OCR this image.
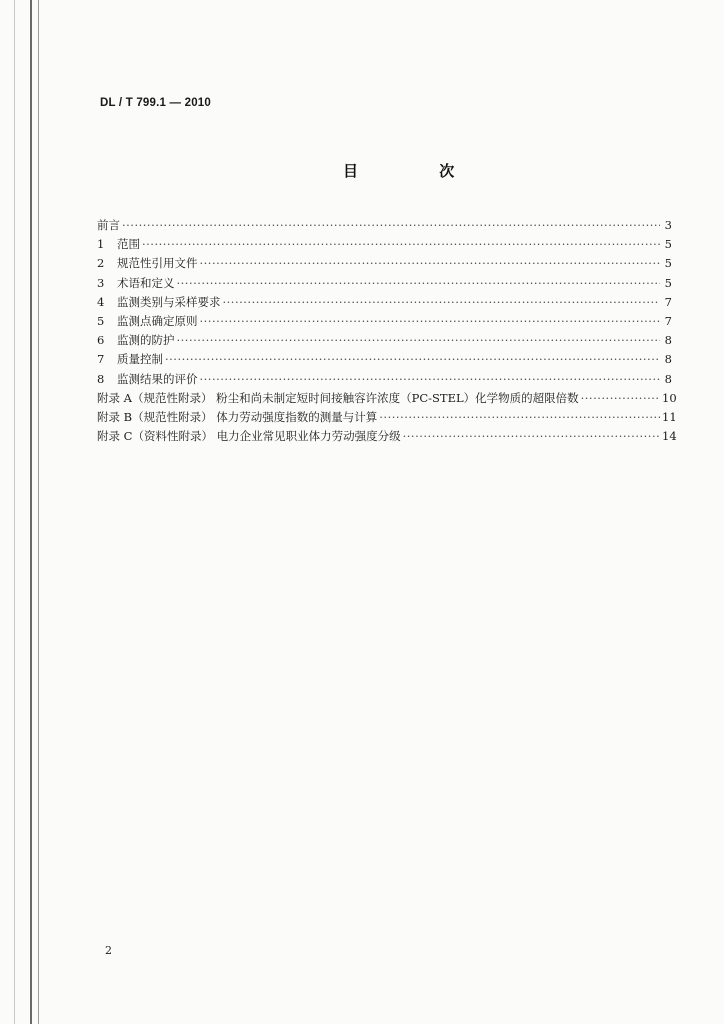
DL / T 799.1 — 2010
目 次
前言 ·····	3
1	范围 ·····	5
2	规范性引用文件 ·····	5
3	术语和定义 ·····	5
4	监测类别与采样要求 ·····	7
5	监测点确定原则 ·····	7
6	监测的防护 ·····	8
7	质量控制 ·····	8
8	监测结果的评价 ·····	8
附录 A（规范性附录） 粉尘和尚未制定短时间接触容许浓度（PC-STEL）化学物质的超限倍数 ·····	10
附录 B（规范性附录） 体力劳动强度指数的测量与计算 ·····	11
附录 C（资料性附录） 电力企业常见职业体力劳动强度分级 ·····	14
2
